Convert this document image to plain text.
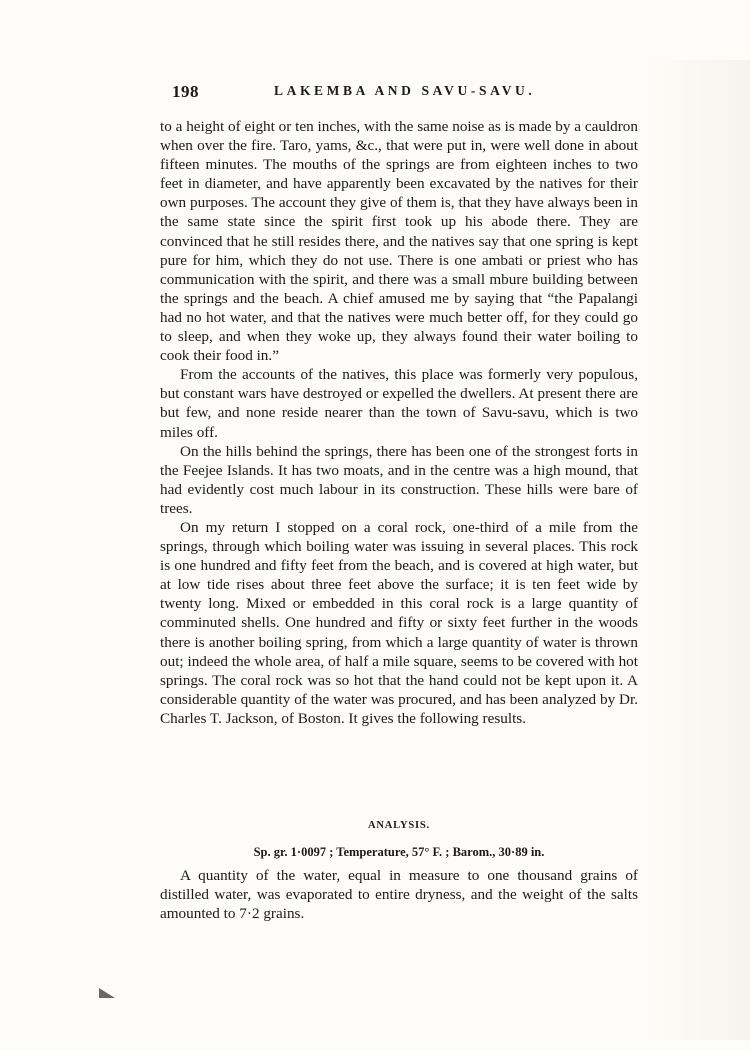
198	LAKEMBA AND SAVU-SAVU.

to a height of eight or ten inches, with the same noise as is made by a cauldron when over the fire. Taro, yams, &c., that were put in, were well done in about fifteen minutes. The mouths of the springs are from eighteen inches to two feet in diameter, and have apparently been excavated by the natives for their own purposes. The account they give of them is, that they have always been in the same state since the spirit first took up his abode there. They are convinced that he still resides there, and the natives say that one spring is kept pure for him, which they do not use. There is one ambati or priest who has communication with the spirit, and there was a small mbure building between the springs and the beach. A chief amused me by saying that “the Papalangi had no hot water, and that the natives were much better off, for they could go to sleep, and when they woke up, they always found their water boiling to cook their food in.”

From the accounts of the natives, this place was formerly very populous, but constant wars have destroyed or expelled the dwellers. At present there are but few, and none reside nearer than the town of Savu-savu, which is two miles off.

On the hills behind the springs, there has been one of the strongest forts in the Feejee Islands. It has two moats, and in the centre was a high mound, that had evidently cost much labour in its construction. These hills were bare of trees.

On my return I stopped on a coral rock, one-third of a mile from the springs, through which boiling water was issuing in several places. This rock is one hundred and fifty feet from the beach, and is covered at high water, but at low tide rises about three feet above the surface; it is ten feet wide by twenty long. Mixed or embedded in this coral rock is a large quantity of comminuted shells. One hundred and fifty or sixty feet further in the woods there is another boiling spring, from which a large quantity of water is thrown out; indeed the whole area, of half a mile square, seems to be covered with hot springs. The coral rock was so hot that the hand could not be kept upon it. A considerable quantity of the water was procured, and has been analyzed by Dr. Charles T. Jackson, of Boston. It gives the following results.

ANALYSIS.
Sp. gr. 1·0097 ; Temperature, 57° F. ; Barom., 30·89 in.

A quantity of the water, equal in measure to one thousand grains of distilled water, was evaporated to entire dryness, and the weight of the salts amounted to 7·2 grains.
